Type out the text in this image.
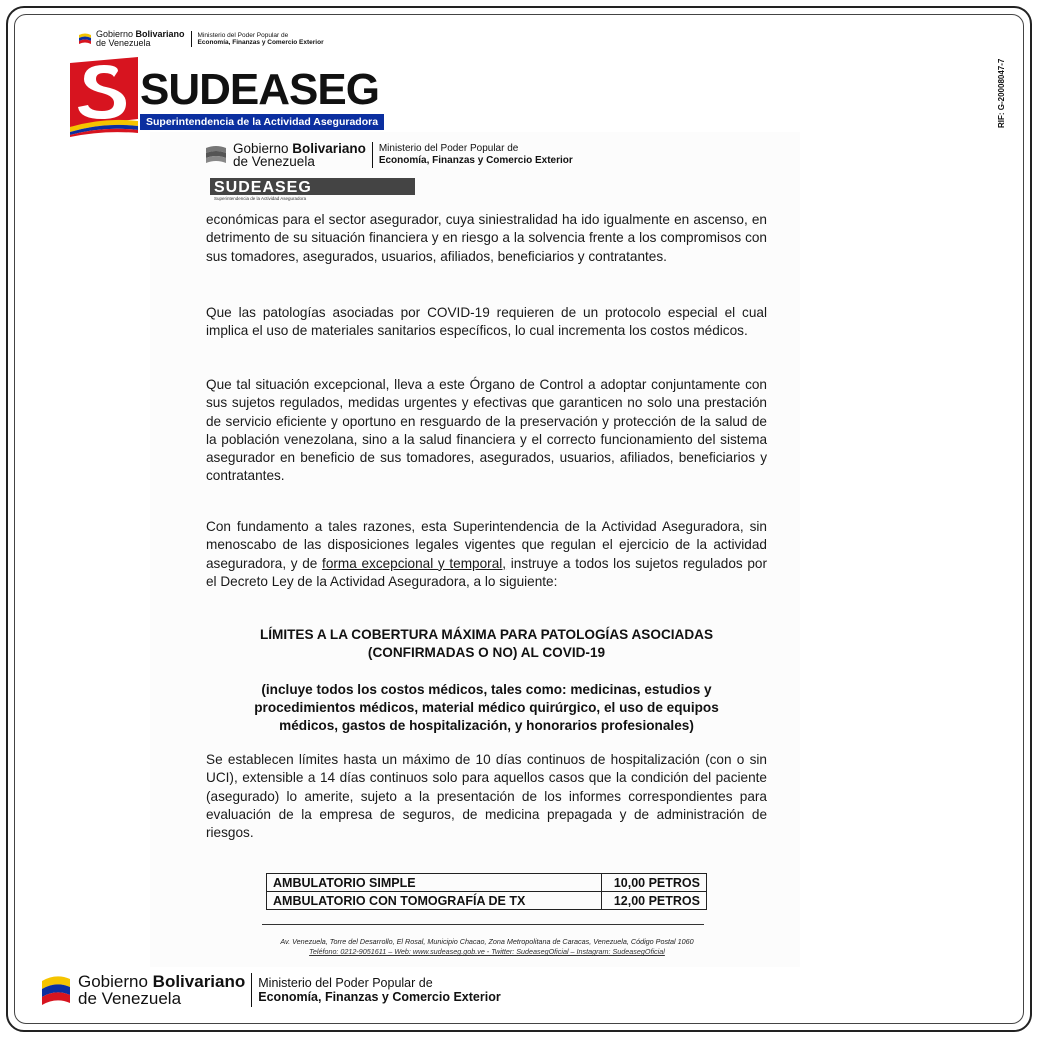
Gobierno Bolivariano
de Venezuela
Ministerio del Poder Popular de
Economía, Finanzas y Comercio Exterior
SUDEASEG
Superintendencia de la Actividad Aseguradora	RIF: G-20008047-7
Gobierno Bolivariano
de Venezuela
Ministerio del Poder Popular de
Economía, Finanzas y Comercio Exterior
SUDEASEG
Superintendencia de la Actividad Aseguradora

económicas para el sector asegurador, cuya siniestralidad ha ido igualmente en ascenso, en detrimento de su situación financiera y en riesgo a la solvencia frente a los compromisos con sus tomadores, asegurados, usuarios, afiliados, beneficiarios y contratantes.

Que las patologías asociadas por COVID-19 requieren de un protocolo especial el cual implica el uso de materiales sanitarios específicos, lo cual incrementa los costos médicos.

Que tal situación excepcional, lleva a este Órgano de Control a adoptar conjuntamente con sus sujetos regulados, medidas urgentes y efectivas que garanticen no solo una prestación de servicio eficiente y oportuno en resguardo de la preservación y protección de la salud de la población venezolana, sino a la salud financiera y el correcto funcionamiento del sistema asegurador en beneficio de sus tomadores, asegurados, usuarios, afiliados, beneficiarios y contratantes.

Con fundamento a tales razones, esta Superintendencia de la Actividad Aseguradora, sin menoscabo de las disposiciones legales vigentes que regulan el ejercicio de la actividad aseguradora, y de forma excepcional y temporal, instruye a todos los sujetos regulados por el Decreto Ley de la Actividad Aseguradora, a lo siguiente:

LÍMITES A LA COBERTURA MÁXIMA PARA PATOLOGÍAS ASOCIADAS (CONFIRMADAS O NO) AL COVID-19

(incluye todos los costos médicos, tales como: medicinas, estudios y procedimientos médicos, material médico quirúrgico, el uso de equipos médicos, gastos de hospitalización, y honorarios profesionales)

Se establecen límites hasta un máximo de 10 días continuos de hospitalización (con o sin UCI), extensible a 14 días continuos solo para aquellos casos que la condición del paciente (asegurado) lo amerite, sujeto a la presentación de los informes correspondientes para evaluación de la empresa de seguros, de medicina prepagada y de administración de riesgos.

AMBULATORIO SIMPLE	10,00 PETROS
AMBULATORIO CON TOMOGRAFÍA DE TX	12,00 PETROS
Av. Venezuela, Torre del Desarrollo, El Rosal, Municipio Chacao, Zona Metropolitana de Caracas, Venezuela, Código Postal 1060
Teléfono: 0212-9051611 – Web: www.sudeaseg.gob.ve - Twitter: SudeasegOficial – Instagram: SudeasegOficial
Gobierno Bolivariano
de Venezuela
Ministerio del Poder Popular de
Economía, Finanzas y Comercio Exterior
